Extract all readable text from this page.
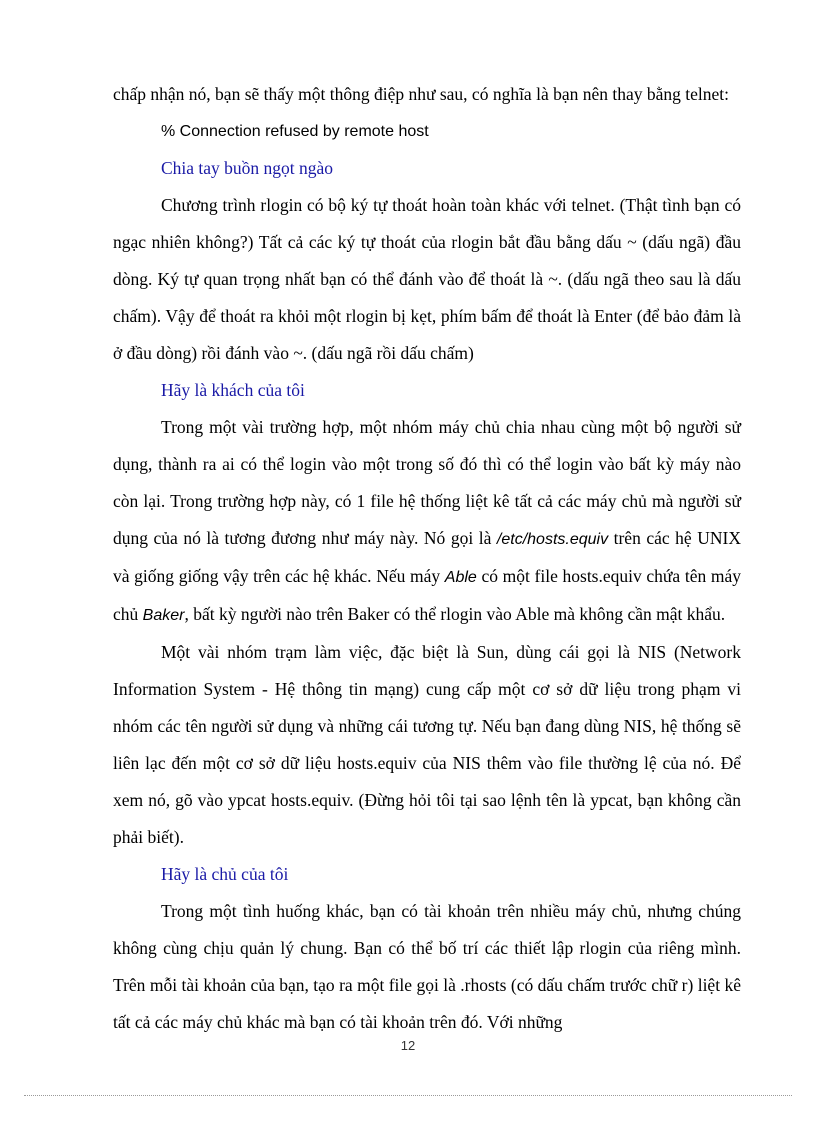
chấp nhận nó, bạn sẽ thấy một thông điệp như sau, có nghĩa là bạn nên thay bằng telnet:

% Connection refused by remote host

Chia tay buồn ngọt ngào

Chương trình rlogin có bộ ký tự thoát hoàn toàn khác với telnet. (Thật tình bạn có ngạc nhiên không?) Tất cả các ký tự thoát của rlogin bắt đầu bằng dấu ~ (dấu ngã) đầu dòng. Ký tự quan trọng nhất bạn có thể đánh vào để thoát là ~. (dấu ngã theo sau là dấu chấm). Vậy để thoát ra khỏi một rlogin bị kẹt, phím bấm để thoát là Enter (để bảo đảm là ở đầu dòng) rồi đánh vào ~. (dấu ngã rồi dấu chấm)

Hãy là khách của tôi

Trong một vài trường hợp, một nhóm máy chủ chia nhau cùng một bộ người sử dụng, thành ra ai có thể login vào một trong số đó thì có thể login vào bất kỳ máy nào còn lại. Trong trường hợp này, có 1 file hệ thống liệt kê tất cả các máy chủ mà người sử dụng của nó là tương đương như máy này. Nó gọi là /etc/hosts.equiv trên các hệ UNIX và giống giống vậy trên các hệ khác. Nếu máy Able có một file hosts.equiv chứa tên máy chủ Baker, bất kỳ người nào trên Baker có thể rlogin vào Able mà không cần mật khẩu.

Một vài nhóm trạm làm việc, đặc biệt là Sun, dùng cái gọi là NIS (Network Information System - Hệ thông tin mạng) cung cấp một cơ sở dữ liệu trong phạm vi nhóm các tên người sử dụng và những cái tương tự. Nếu bạn đang dùng NIS, hệ thống sẽ liên lạc đến một cơ sở dữ liệu hosts.equiv của NIS thêm vào file thường lệ của nó. Để xem nó, gõ vào ypcat hosts.equiv. (Đừng hỏi tôi tại sao lệnh tên là ypcat, bạn không cần phải biết).

Hãy là chủ của tôi

Trong một tình huống khác, bạn có tài khoản trên nhiều máy chủ, nhưng chúng không cùng chịu quản lý chung. Bạn có thể bố trí các thiết lập rlogin của riêng mình. Trên mỗi tài khoản của bạn, tạo ra một file gọi là .rhosts (có dấu chấm trước chữ r) liệt kê tất cả các máy chủ khác mà bạn có tài khoản trên đó. Với những

12
